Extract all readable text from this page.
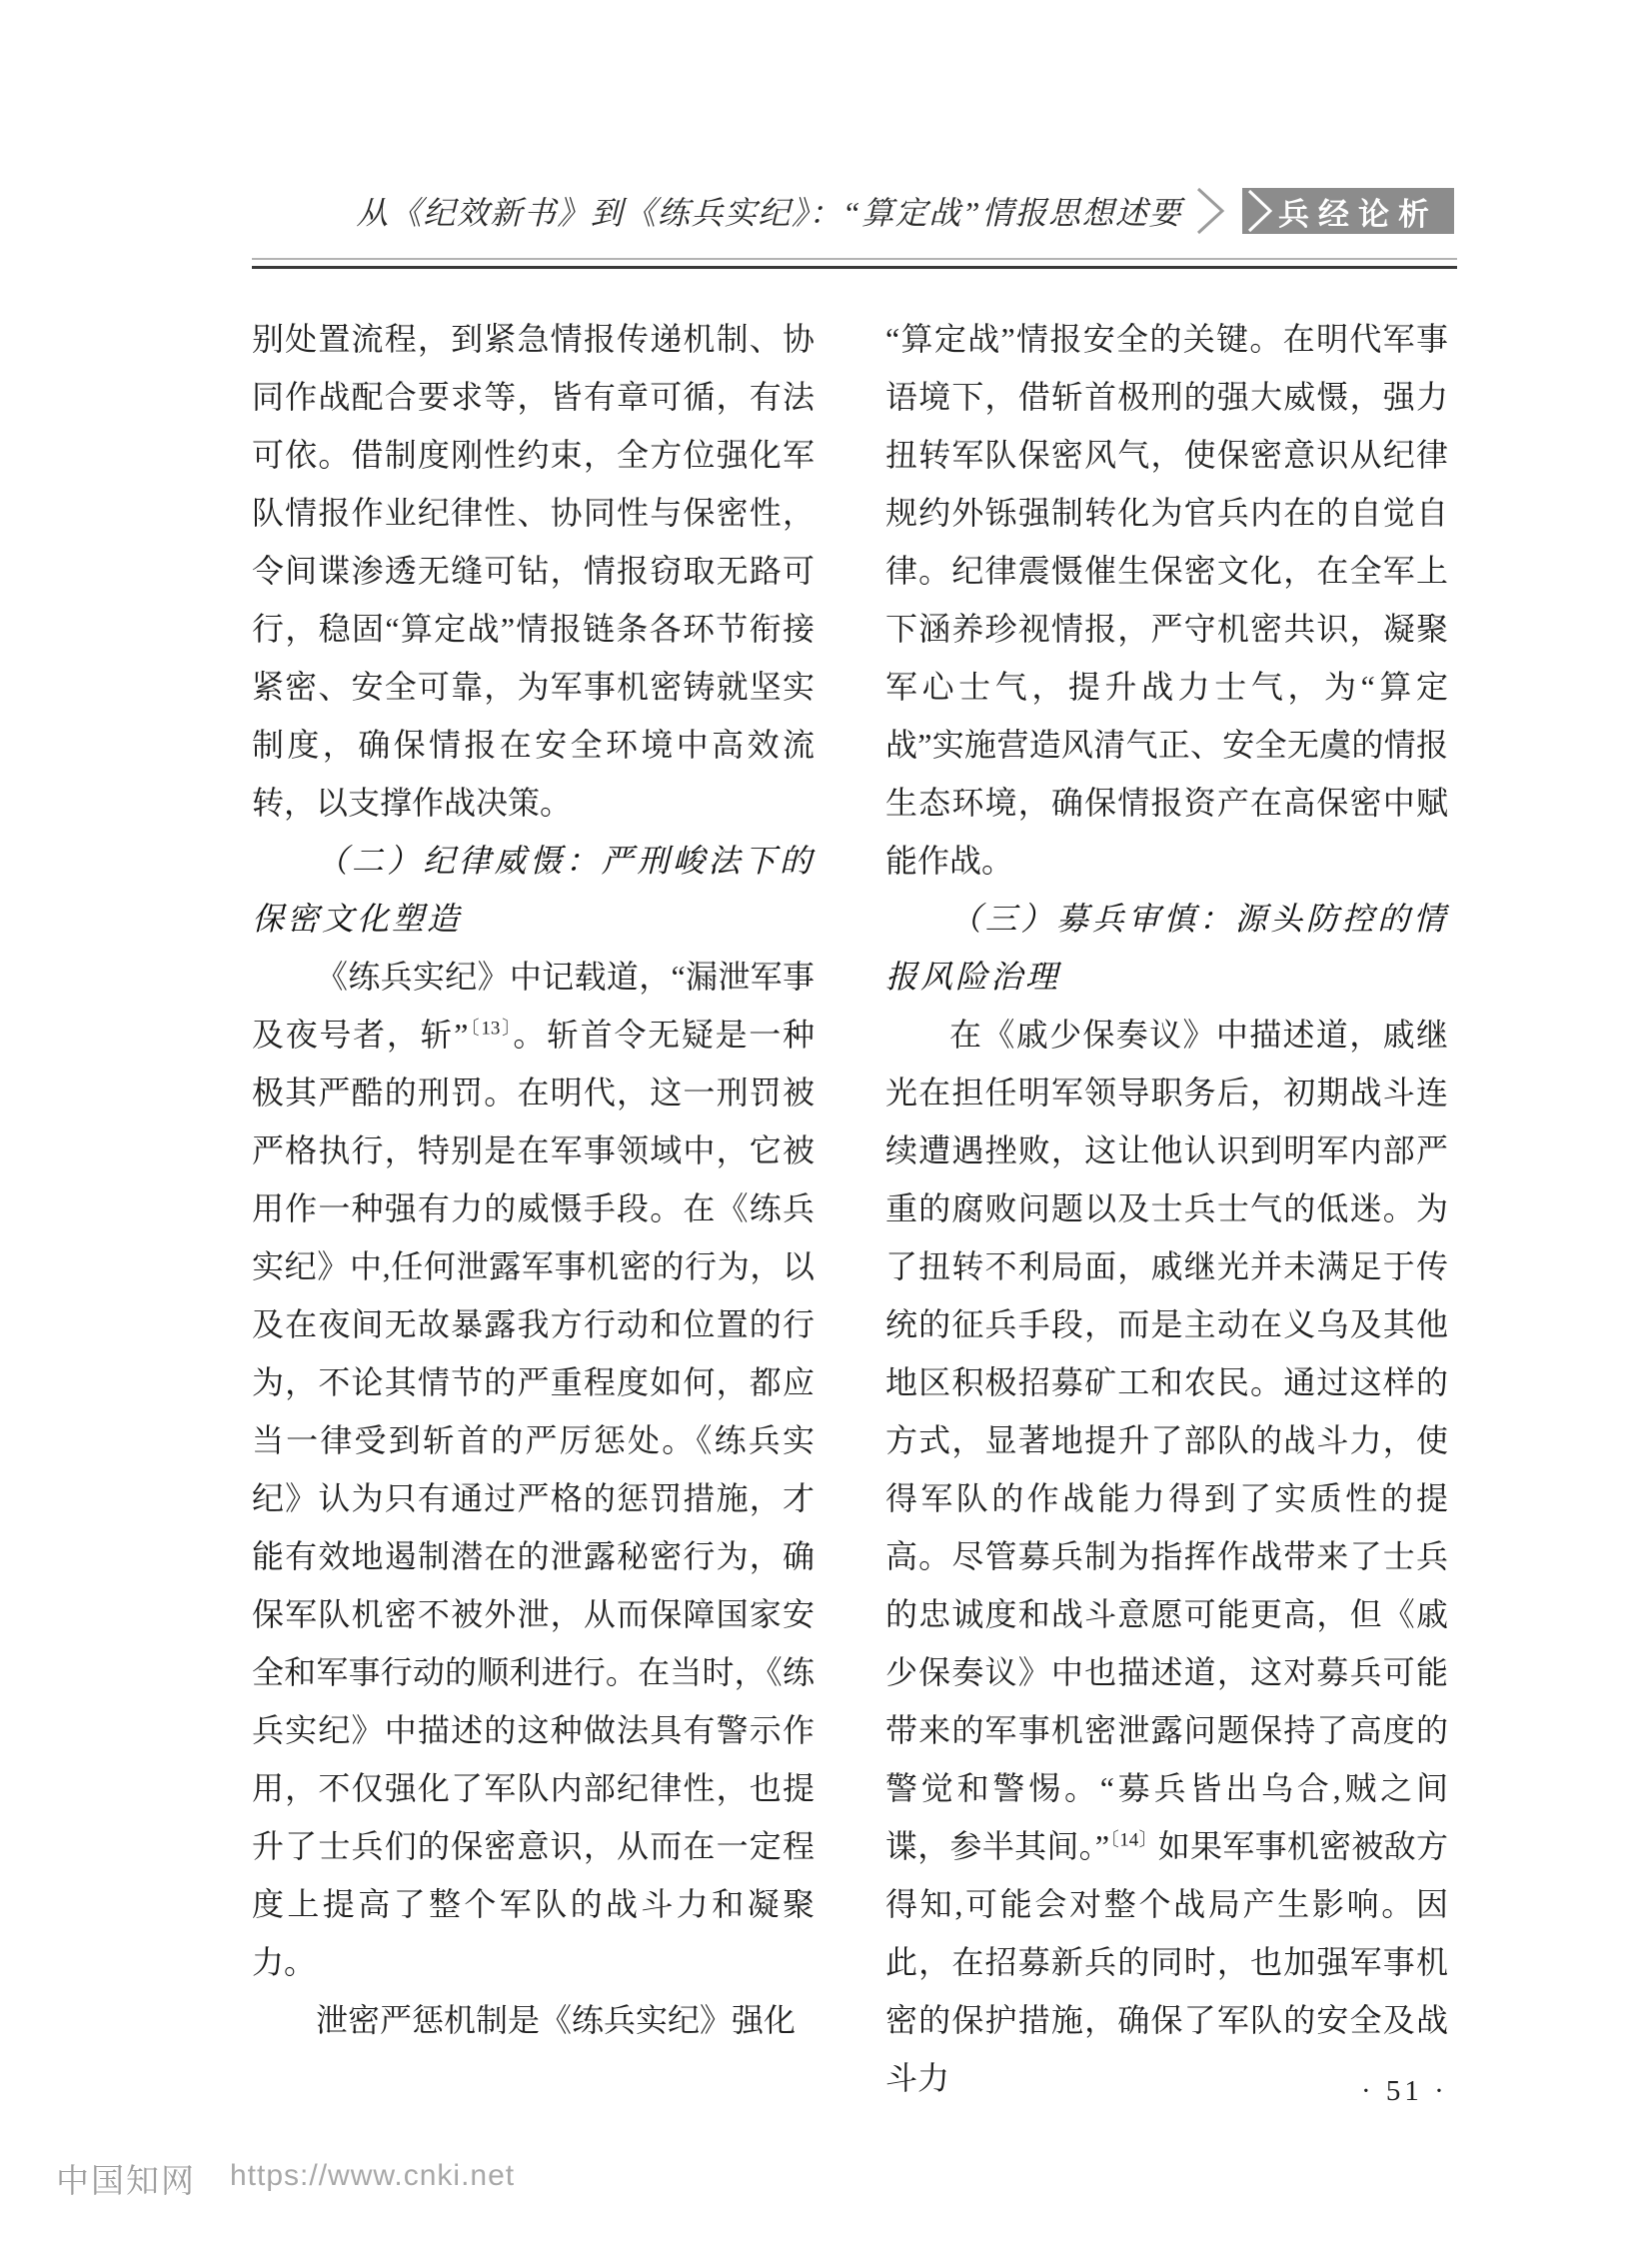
从《纪效新书》到《练兵实纪》：“算定战”情报思想述要	兵经论析

别处置流程，到紧急情报传递机制、协同作战配合要求等，皆有章可循，有法可依。借制度刚性约束，全方位强化军队情报作业纪律性、协同性与保密性，令间谍渗透无缝可钻，情报窃取无路可行，稳固“算定战”情报链条各环节衔接紧密、安全可靠，为军事机密铸就坚实制度，确保情报在安全环境中高效流转，以支撑作战决策。

（二）纪律威慑：严刑峻法下的保密文化塑造

《练兵实纪》中记载道，“漏泄军事及夜号者，斩”$^{〔13〕}$。斩首令无疑是一种极其严酷的刑罚。在明代，这一刑罚被严格执行，特别是在军事领域中，它被用作一种强有力的威慑手段。在《练兵实纪》中,任何泄露军事机密的行为，以及在夜间无故暴露我方行动和位置的行为，不论其情节的严重程度如何，都应当一律受到斩首的严厉惩处。《练兵实纪》认为只有通过严格的惩罚措施，才能有效地遏制潜在的泄露秘密行为，确保军队机密不被外泄，从而保障国家安全和军事行动的顺利进行。在当时，《练兵实纪》中描述的这种做法具有警示作用，不仅强化了军队内部纪律性，也提升了士兵们的保密意识，从而在一定程度上提高了整个军队的战斗力和凝聚力。

泄密严惩机制是《练兵实纪》强化

“算定战”情报安全的关键。在明代军事语境下，借斩首极刑的强大威慑，强力扭转军队保密风气，使保密意识从纪律规约外铄强制转化为官兵内在的自觉自律。纪律震慑催生保密文化，在全军上下涵养珍视情报，严守机密共识，凝聚军心士气，提升战力士气，为“算定战”实施营造风清气正、安全无虞的情报生态环境，确保情报资产在高保密中赋能作战。

（三）募兵审慎：源头防控的情报风险治理

在《戚少保奏议》中描述道，戚继光在担任明军领导职务后，初期战斗连续遭遇挫败，这让他认识到明军内部严重的腐败问题以及士兵士气的低迷。为了扭转不利局面，戚继光并未满足于传统的征兵手段，而是主动在义乌及其他地区积极招募矿工和农民。通过这样的方式，显著地提升了部队的战斗力，使得军队的作战能力得到了实质性的提高。尽管募兵制为指挥作战带来了士兵的忠诚度和战斗意愿可能更高，但《戚少保奏议》中也描述道，这对募兵可能带来的军事机密泄露问题保持了高度的警觉和警惕。“募兵皆出乌合,贼之间谍，参半其间。”$^{〔14〕}$如果军事机密被敌方得知,可能会对整个战局产生影响。因此，在招募新兵的同时，也加强军事机密的保护措施，确保了军队的安全及战斗力	· 51 ·
中国知网 https://www.cnki.net
